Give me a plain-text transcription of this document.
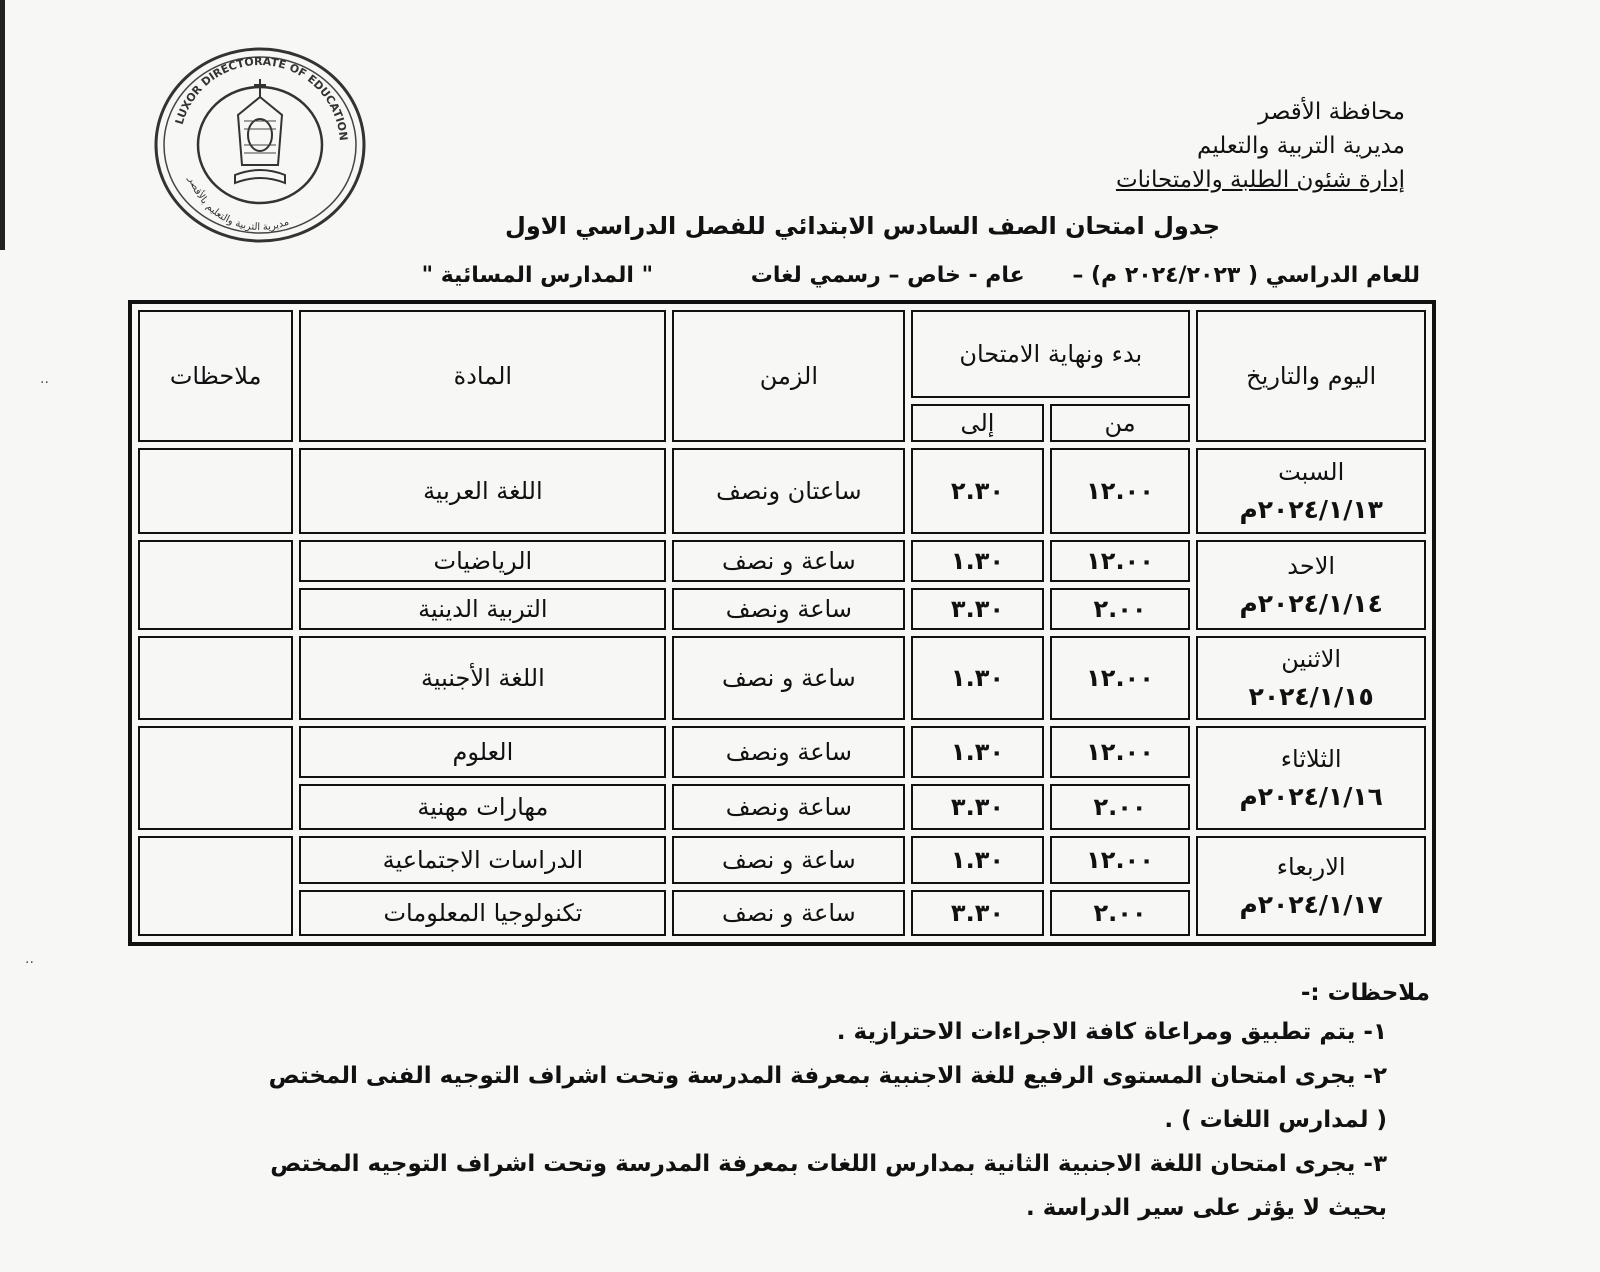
LUXOR DIRECTORATE OF EDUCATION
مديرية التربية والتعليم بالأقصر
محافظة الأقصر
مديرية التربية والتعليم
إدارة شئون الطلبة والامتحانات
جدول امتحان الصف السادس الابتدائي للفصل الدراسي الاول
للعام الدراسي ( ٢٠٢٤/٢٠٢٣ م) – عام - خاص – رسمي لغات " المدارس المسائية "
··
··
اليوم والتاريخ	بدء ونهاية الامتحان		الزمن	المادة	ملاحظات
	من	إلى			

السبت
٢٠٢٤/١/١٣م	١٢.٠٠	٢.٣٠	ساعتان ونصف	اللغة العربية	

الاحد
٢٠٢٤/١/١٤م	١٢.٠٠	١.٣٠	ساعة و نصف	الرياضيات	
	٢.٠٠	٣.٣٠	ساعة ونصف	التربية الدينية	

الاثنين
٢٠٢٤/١/١٥	١٢.٠٠	١.٣٠	ساعة و نصف	اللغة الأجنبية	

الثلاثاء
٢٠٢٤/١/١٦م	١٢.٠٠	١.٣٠	ساعة ونصف	العلوم	
	٢.٠٠	٣.٣٠	ساعة ونصف	مهارات مهنية	

الاربعاء
٢٠٢٤/١/١٧م	١٢.٠٠	١.٣٠	ساعة و نصف	الدراسات الاجتماعية	
	٢.٠٠	٣.٣٠	ساعة و نصف	تكنولوجيا المعلومات	
ملاحظات :-

١- يتم تطبيق ومراعاة كافة الاجراءات الاحترازية .

٢- يجرى امتحان المستوى الرفيع للغة الاجنبية بمعرفة المدرسة وتحت اشراف التوجيه الفنى المختص ( لمدارس اللغات ) .

٣- يجرى امتحان اللغة الاجنبية الثانية بمدارس اللغات بمعرفة المدرسة وتحت اشراف التوجيه المختص بحيث لا يؤثر على سير الدراسة .
